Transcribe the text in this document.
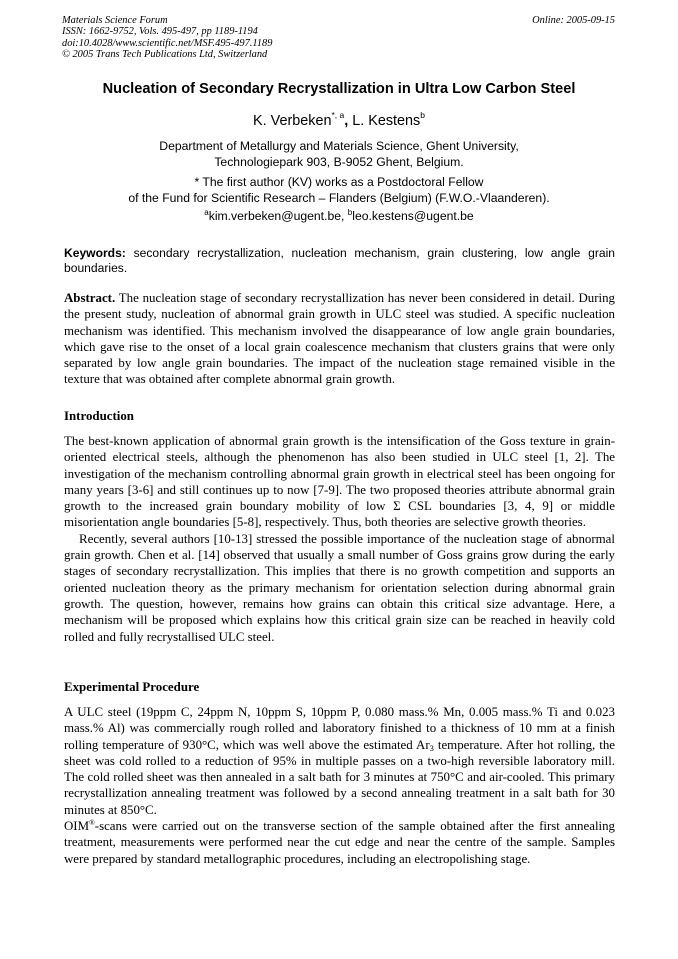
Materials Science Forum
ISSN: 1662-9752, Vols. 495-497, pp 1189-1194
doi:10.4028/www.scientific.net/MSF.495-497.1189
© 2005 Trans Tech Publications Ltd, Switzerland
Online: 2005-09-15
Nucleation of Secondary Recrystallization in Ultra Low Carbon Steel
K. Verbeken$^{*, a}$, L. Kestens$^b$
Department of Metallurgy and Materials Science, Ghent University,
Technologiepark 903, B-9052 Ghent, Belgium.
* The first author (KV) works as a Postdoctoral Fellow
of the Fund for Scientific Research – Flanders (Belgium) (F.W.O.-Vlaanderen).
$^a$kim.verbeken@ugent.be, $^b$leo.kestens@ugent.be
Keywords: secondary recrystallization, nucleation mechanism, grain clustering, low angle grain boundaries.
Abstract. The nucleation stage of secondary recrystallization has never been considered in detail. During the present study, nucleation of abnormal grain growth in ULC steel was studied. A specific nucleation mechanism was identified. This mechanism involved the disappearance of low angle grain boundaries, which gave rise to the onset of a local grain coalescence mechanism that clusters grains that were only separated by low angle grain boundaries. The impact of the nucleation stage remained visible in the texture that was obtained after complete abnormal grain growth.
Introduction
The best-known application of abnormal grain growth is the intensification of the Goss texture in grain-oriented electrical steels, although the phenomenon has also been studied in ULC steel [1, 2]. The investigation of the mechanism controlling abnormal grain growth in electrical steel has been ongoing for many years [3-6] and still continues up to now [7-9]. The two proposed theories attribute abnormal grain growth to the increased grain boundary mobility of low Σ CSL boundaries [3, 4, 9] or middle misorientation angle boundaries [5-8], respectively. Thus, both theories are selective growth theories.
Recently, several authors [10-13] stressed the possible importance of the nucleation stage of abnormal grain growth. Chen et al. [14] observed that usually a small number of Goss grains grow during the early stages of secondary recrystallization. This implies that there is no growth competition and supports an oriented nucleation theory as the primary mechanism for orientation selection during abnormal grain growth. The question, however, remains how grains can obtain this critical size advantage. Here, a mechanism will be proposed which explains how this critical grain size can be reached in heavily cold rolled and fully recrystallised ULC steel.
Experimental Procedure
A ULC steel (19ppm C, 24ppm N, 10ppm S, 10ppm P, 0.080 mass.% Mn, 0.005 mass.% Ti and 0.023 mass.% Al) was commercially rough rolled and laboratory finished to a thickness of 10 mm at a finish rolling temperature of 930°C, which was well above the estimated $Ar_3$ temperature. After hot rolling, the sheet was cold rolled to a reduction of 95% in multiple passes on a two-high reversible laboratory mill. The cold rolled sheet was then annealed in a salt bath for 3 minutes at 750°C and air-cooled. This primary recrystallization annealing treatment was followed by a second annealing treatment in a salt bath for 30 minutes at 850°C.
OIM®-scans were carried out on the transverse section of the sample obtained after the first annealing treatment, measurements were performed near the cut edge and near the centre of the sample. Samples were prepared by standard metallographic procedures, including an electropolishing stage.
